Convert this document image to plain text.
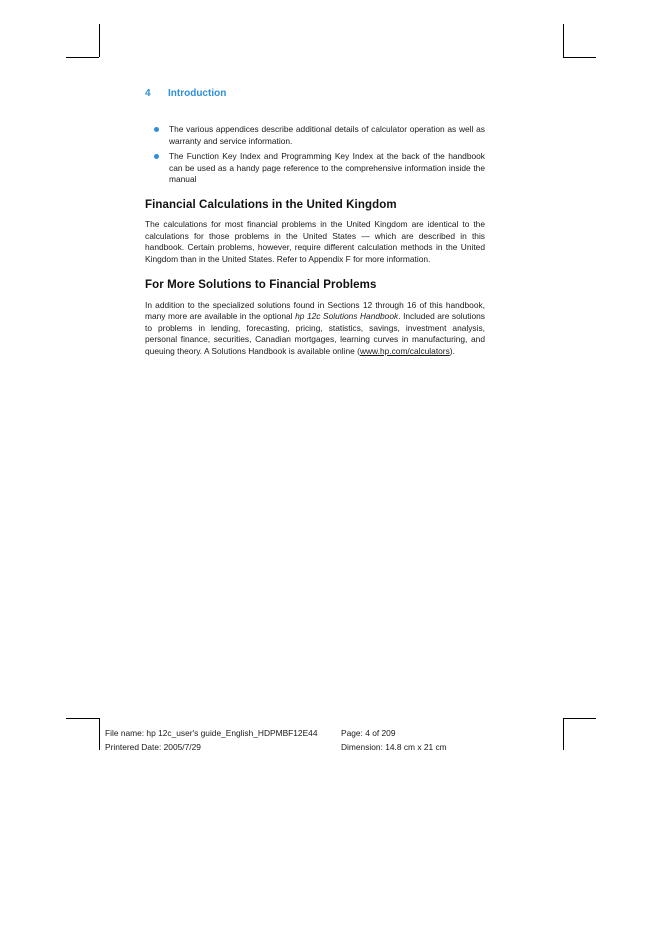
4 Introduction
The various appendices describe additional details of calculator operation as well as warranty and service information.
The Function Key Index and Programming Key Index at the back of the handbook can be used as a handy page reference to the comprehensive information inside the manual
Financial Calculations in the United Kingdom

The calculations for most financial problems in the United Kingdom are identical to the calculations for those problems in the United States — which are described in this handbook. Certain problems, however, require different calculation methods in the United Kingdom than in the United States. Refer to Appendix F for more information.

For More Solutions to Financial Problems

In addition to the specialized solutions found in Sections 12 through 16 of this handbook, many more are available in the optional hp 12c Solutions Handbook. Included are solutions to problems in lending, forecasting, pricing, statistics, savings, investment analysis, personal finance, securities, Canadian mortgages, learning curves in manufacturing, and queuing theory. A Solutions Handbook is available online (www.hp.com/calculators).

File name: hp 12c_user's guide_English_HDPMBF12E44
Printered Date: 2005/7/29
Page: 4 of 209
Dimension: 14.8 cm x 21 cm
